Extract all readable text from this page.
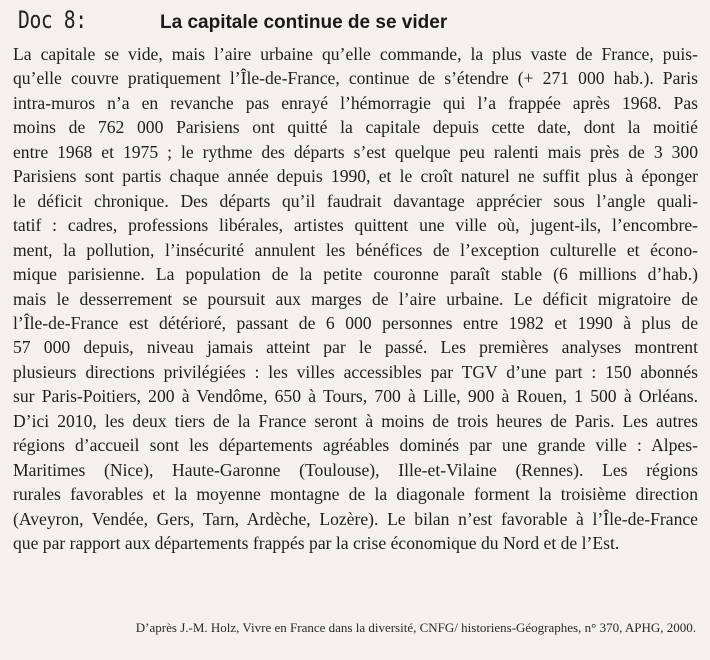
Doc 8:	La capitale continue de se vider
La capitale se vide, mais l’aire urbaine qu’elle commande, la plus vaste de France, puis-
qu’elle couvre pratiquement l’Île-de-France, continue de s’étendre (+ 271 000 hab.). Paris
intra-muros n’a en revanche pas enrayé l’hémorragie qui l’a frappée après 1968. Pas
moins de 762 000 Parisiens ont quitté la capitale depuis cette date, dont la moitié
entre 1968 et 1975 ; le rythme des départs s’est quelque peu ralenti mais près de 3 300
Parisiens sont partis chaque année depuis 1990, et le croît naturel ne suffit plus à éponger
le déficit chronique. Des départs qu’il faudrait davantage apprécier sous l’angle quali-
tatif : cadres, professions libérales, artistes quittent une ville où, jugent-ils, l’encombre-
ment, la pollution, l’insécurité annulent les bénéfices de l’exception culturelle et écono-
mique parisienne. La population de la petite couronne paraît stable (6 millions d’hab.)
mais le desserrement se poursuit aux marges de l’aire urbaine. Le déficit migratoire de
l’Île-de-France est détérioré, passant de 6 000 personnes entre 1982 et 1990 à plus de
57 000 depuis, niveau jamais atteint par le passé. Les premières analyses montrent
plusieurs directions privilégiées : les villes accessibles par TGV d’une part : 150 abonnés
sur Paris-Poitiers, 200 à Vendôme, 650 à Tours, 700 à Lille, 900 à Rouen, 1 500 à Orléans.
D’ici 2010, les deux tiers de la France seront à moins de trois heures de Paris. Les autres
régions d’accueil sont les départements agréables dominés par une grande ville : Alpes-
Maritimes (Nice), Haute-Garonne (Toulouse), Ille-et-Vilaine (Rennes). Les régions
rurales favorables et la moyenne montagne de la diagonale forment la troisième direction
(Aveyron, Vendée, Gers, Tarn, Ardèche, Lozère). Le bilan n’est favorable à l’Île-de-France
que par rapport aux départements frappés par la crise économique du Nord et de l’Est.
D’après J.-M. Holz, Vivre en France dans la diversité, CNFG/ historiens-Géographes, n° 370, APHG, 2000.
